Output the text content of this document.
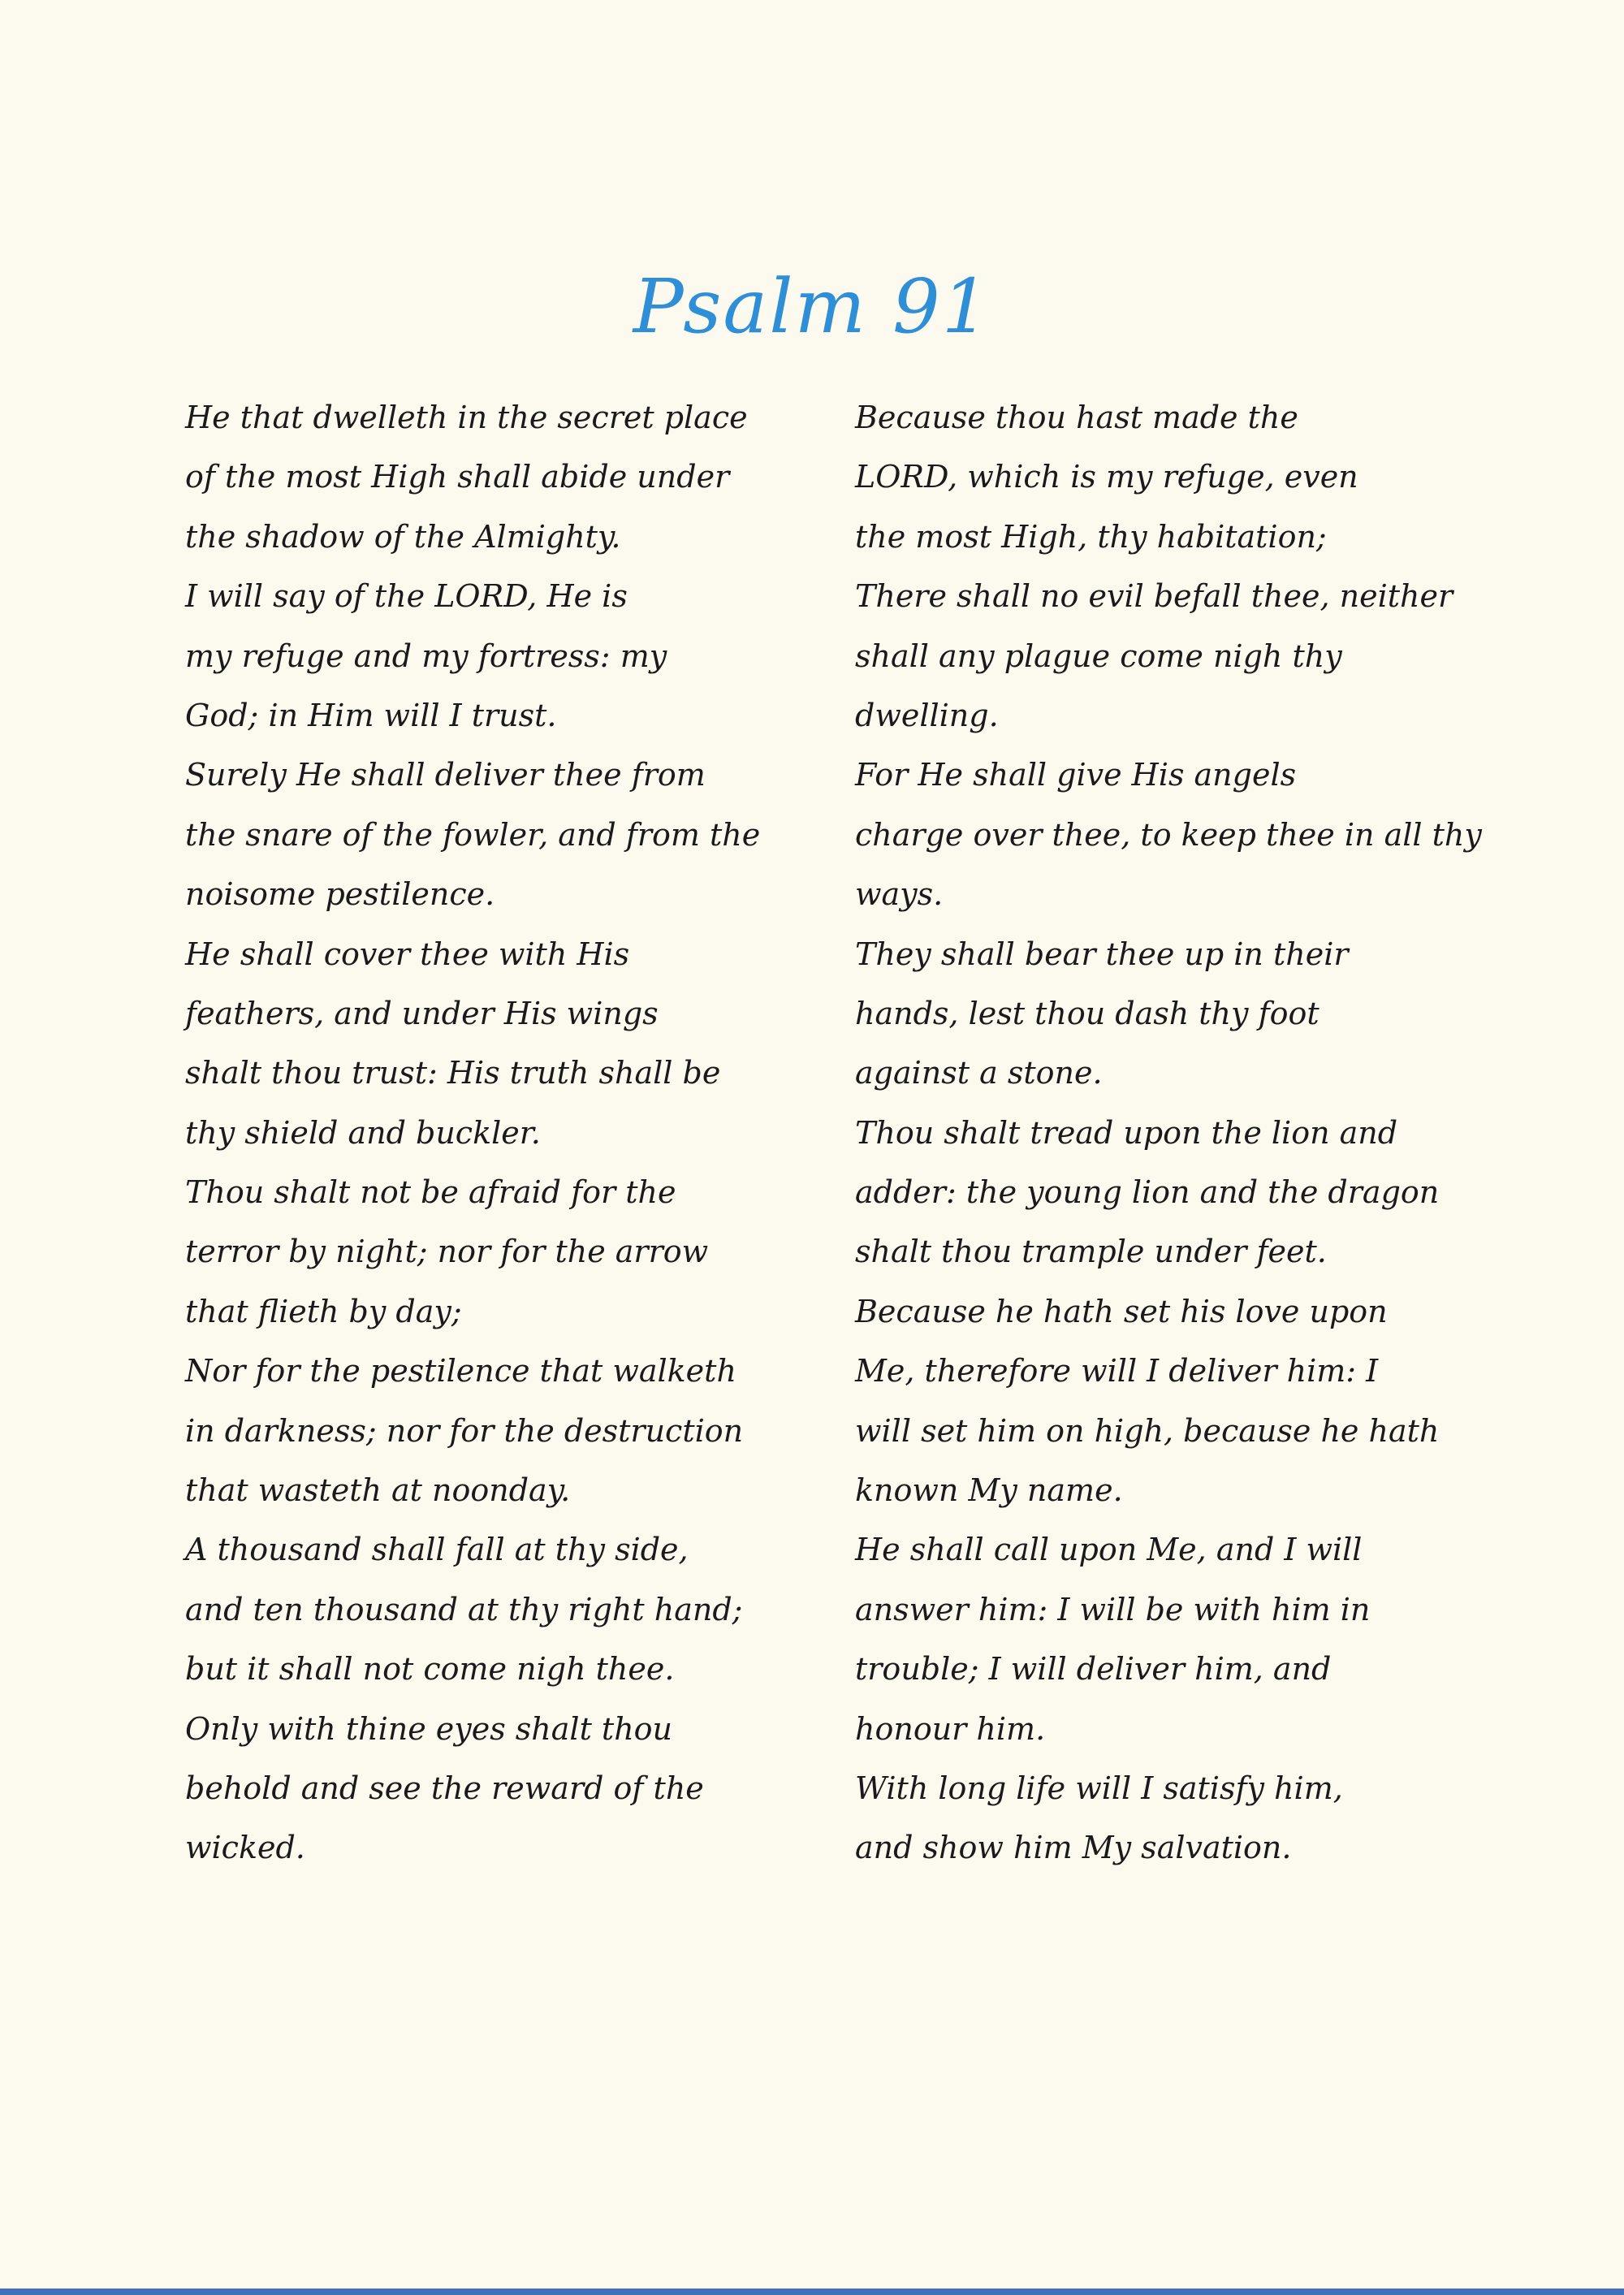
Psalm 91
He that dwelleth in the secret place
of the most High shall abide under
the shadow of the Almighty.
I will say of the LORD, He is
my refuge and my fortress: my
God; in Him will I trust.
Surely He shall deliver thee from
the snare of the fowler, and from the
noisome pestilence.
He shall cover thee with His
feathers, and under His wings
shalt thou trust: His truth shall be
thy shield and buckler.
Thou shalt not be afraid for the
terror by night; nor for the arrow
that flieth by day;
Nor for the pestilence that walketh
in darkness; nor for the destruction
that wasteth at noonday.
A thousand shall fall at thy side,
and ten thousand at thy right hand;
but it shall not come nigh thee.
Only with thine eyes shalt thou
behold and see the reward of the
wicked.
Because thou hast made the
LORD, which is my refuge, even
the most High, thy habitation;
There shall no evil befall thee, neither
shall any plague come nigh thy
dwelling.
For He shall give His angels
charge over thee, to keep thee in all thy
ways.
They shall bear thee up in their
hands, lest thou dash thy foot
against a stone.
Thou shalt tread upon the lion and
adder: the young lion and the dragon
shalt thou trample under feet.
Because he hath set his love upon
Me, therefore will I deliver him: I
will set him on high, because he hath
known My name.
He shall call upon Me, and I will
answer him: I will be with him in
trouble; I will deliver him, and
honour him.
With long life will I satisfy him,
and show him My salvation.
